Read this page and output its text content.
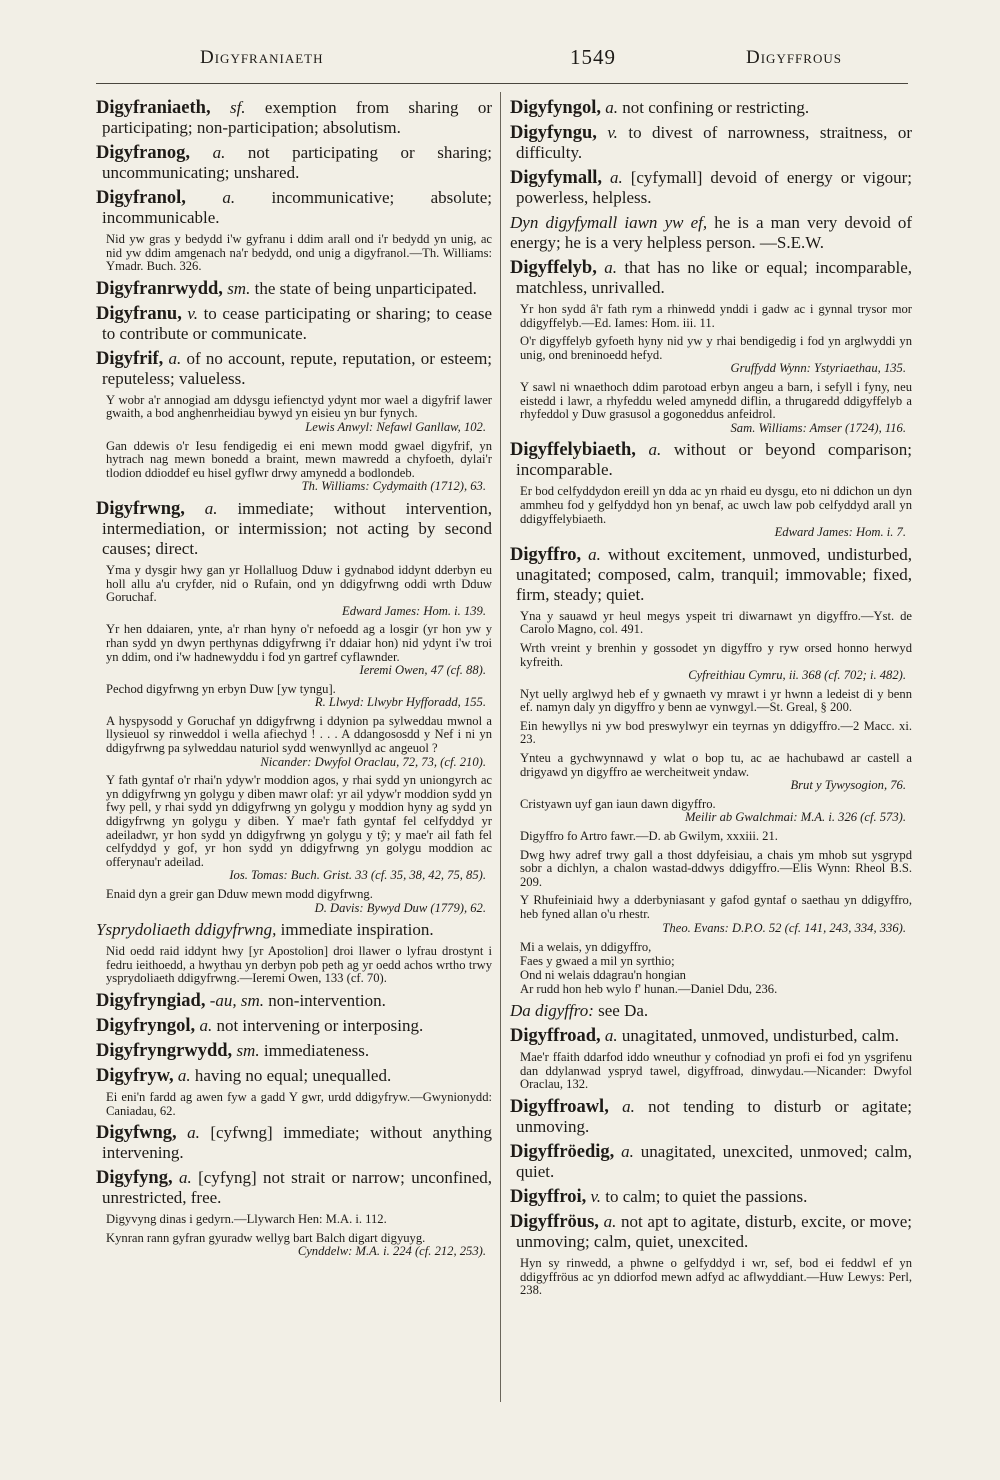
Digyfraniaeth	1549	Digyffrous
Digyfraniaeth, sf. exemption from sharing or participating; non-participation; absolutism.
Digyfranog, a. not participating or sharing; uncommunicating; unshared.
Digyfranol, a. incommunicative; absolute; incommunicable.
Nid yw gras y bedydd i'w gyfranu i ddim arall ond i'r bedydd yn unig, ac nid yw ddim amgenach na'r bedydd, ond unig a digyfranol.—Th. Williams: Ymadr. Buch. 326.
Digyfranrwydd, sm. the state of being unparticipated.
Digyfranu, v. to cease participating or sharing; to cease to contribute or communicate.
Digyfrif, a. of no account, repute, reputation, or esteem; reputeless; valueless.
Y wobr a'r annogiad am ddysgu iefienctyd ydynt mor wael a digyfrif lawer gwaith, a bod anghenrheidiau bywyd yn eisieu yn bur fynych.
Lewis Anwyl: Nefawl Ganllaw, 102.
Gan ddewis o'r Iesu fendigedig ei eni mewn modd gwael digyfrif, yn hytrach nag mewn bonedd a braint, mewn mawredd a chyfoeth, dylai'r tlodion ddioddef eu hisel gyflwr drwy amynedd a bodlondeb.
Th. Williams: Cydymaith (1712), 63.
Digyfrwng, a. immediate; without intervention, intermediation, or intermission; not acting by second causes; direct.
Yma y dysgir hwy gan yr Hollalluog Dduw i gydnabod iddynt dderbyn eu holl allu a'u cryfder, nid o Rufain, ond yn ddigyfrwng oddi wrth Dduw Goruchaf.
Edward James: Hom. i. 139.
Yr hen ddaiaren, ynte, a'r rhan hyny o'r nefoedd ag a losgir (yr hon yw y rhan sydd yn dwyn perthynas ddigyfrwng i'r ddaiar hon) nid ydynt i'w troi yn ddim, ond i'w hadnewyddu i fod yn gartref cyflawnder.
Ieremi Owen, 47 (cf. 88).
Pechod digyfrwng yn erbyn Duw [yw tyngu].
R. Llwyd: Llwybr Hyfforadd, 155.
A hyspysodd y Goruchaf yn ddigyfrwng i ddynion pa sylweddau mwnol a llysieuol sy rinweddol i wella afiechyd ! . . . A ddangososdd y Nef i ni yn ddigyfrwng pa sylweddau naturiol sydd wenwynllyd ac angeuol ?
Nicander: Dwyfol Oraclau, 72, 73, (cf. 210).
Y fath gyntaf o'r rhai'n ydyw'r moddion agos, y rhai sydd yn uniongyrch ac yn ddigyfrwng yn golygu y diben mawr olaf: yr ail ydyw'r moddion sydd yn fwy pell, y rhai sydd yn ddigyfrwng yn golygu y moddion hyny ag sydd yn ddigyfrwng yn golygu y diben. Y mae'r fath gyntaf fel celfyddyd yr adeiladwr, yr hon sydd yn ddigyfrwng yn golygu y tŷ; y mae'r ail fath fel celfyddyd y gof, yr hon sydd yn ddigyfrwng yn golygu moddion ac offerynau'r adeilad.
Ios. Tomas: Buch. Grist. 33 (cf. 35, 38, 42, 75, 85).
Enaid dyn a greir gan Dduw mewn modd digyfrwng.
D. Davis: Bywyd Duw (1779), 62.
Ysprydoliaeth ddigyfrwng, immediate inspiration.
Nid oedd raid iddynt hwy [yr Apostolion] droi llawer o lyfrau drostynt i fedru ieithoedd, a hwythau yn derbyn pob peth ag yr oedd achos wrtho trwy ysprydoliaeth ddigyfrwng.—Ieremi Owen, 133 (cf. 70).
Digyfryngiad, -au, sm. non-intervention.
Digyfryngol, a. not intervening or interposing.
Digyfryngrwydd, sm. immediateness.
Digyfryw, a. having no equal; unequalled.
Ei eni'n fardd ag awen fyw a gadd Y gwr, urdd ddigyfryw.—Gwynionydd: Caniadau, 62.
Digyfwng, a. [cyfwng] immediate; without anything intervening.
Digyfyng, a. [cyfyng] not strait or narrow; unconfined, unrestricted, free.
Digyvyng dinas i gedyrn.—Llywarch Hen: M.A. i. 112.
Kynran rann gyfran gyuradw wellyg bart Balch digart digyuyg.
Cynddelw: M.A. i. 224 (cf. 212, 253).
Digyfyngol, a. not confining or restricting.
Digyfyngu, v. to divest of narrowness, straitness, or difficulty.
Digyfymall, a. [cyfymall] devoid of energy or vigour; powerless, helpless.
Dyn digyfymall iawn yw ef, he is a man very devoid of energy; he is a very helpless person. —S.E.W.
Digyffelyb, a. that has no like or equal; incomparable, matchless, unrivalled.
Yr hon sydd â'r fath rym a rhinwedd ynddi i gadw ac i gynnal trysor mor ddigyffelyb.—Ed. Iames: Hom. iii. 11.
O'r digyffelyb gyfoeth hyny nid yw y rhai bendigedig i fod yn arglwyddi yn unig, ond breninoedd hefyd.
Gruffydd Wynn: Ystyriaethau, 135.
Y sawl ni wnaethoch ddim parotoad erbyn angeu a barn, i sefyll i fyny, neu eistedd i lawr, a rhyfeddu weled amynedd diflin, a thrugaredd ddigyffelyb a rhyfeddol y Duw grasusol a gogoneddus anfeidrol.
Sam. Williams: Amser (1724), 116.
Digyffelybiaeth, a. without or beyond comparison; incomparable.
Er bod celfyddydon ereill yn dda ac yn rhaid eu dysgu, eto ni ddichon un dyn ammheu fod y gelfyddyd hon yn benaf, ac uwch law pob celfyddyd arall yn ddigyffelybiaeth.
Edward James: Hom. i. 7.
Digyffro, a. without excitement, unmoved, undisturbed, unagitated; composed, calm, tranquil; immovable; fixed, firm, steady; quiet.
Yna y sauawd yr heul megys yspeit tri diwarnawt yn digyffro.—Yst. de Carolo Magno, col. 491.
Wrth vreint y brenhin y gossodet yn digyffro y ryw orsed honno herwyd kyfreith.
Cyfreithiau Cymru, ii. 368 (cf. 702; i. 482).
Nyt uelly arglwyd heb ef y gwnaeth vy mrawt i yr hwnn a ledeist di y benn ef. namyn daly yn digyffro y benn ae vynwgyl.—St. Greal, § 200.
Ein hewyllys ni yw bod preswylwyr ein teyrnas yn ddigyffro.—2 Macc. xi. 23.
Ynteu a gychwynnawd y wlat o bop tu, ac ae hachubawd ar castell a drigyawd yn digyffro ae wercheitweit yndaw.
Brut y Tywysogion, 76.
Cristyawn uyf gan iaun dawn digyffro.
Meilir ab Gwalchmai: M.A. i. 326 (cf. 573).
Digyffro fo Artro fawr.—D. ab Gwilym, xxxiii. 21.
Dwg hwy adref trwy gall a thost ddyfeisiau, a chais ym mhob sut ysgrypd sobr a dichlyn, a chalon wastad-ddwys ddigyffro.—Elis Wynn: Rheol B.S. 209.
Y Rhufeiniaid hwy a dderbyniasant y gafod gyntaf o saethau yn ddigyffro, heb fyned allan o'u rhestr.
Theo. Evans: D.P.O. 52 (cf. 141, 243, 334, 336).
Mi a welais, yn ddigyffro,
Faes y gwaed a mil yn syrthio;
Ond ni welais ddagrau'n hongian
Ar rudd hon heb wylo f' hunan.—Daniel Ddu, 236.
Da digyffro: see Da.
Digyffroad, a. unagitated, unmoved, undisturbed, calm.
Mae'r ffaith ddarfod iddo wneuthur y cofnodiad yn profi ei fod yn ysgrifenu dan ddylanwad yspryd tawel, digyffroad, dinwydau.—Nicander: Dwyfol Oraclau, 132.
Digyffroawl, a. not tending to disturb or agitate; unmoving.
Digyffröedig, a. unagitated, unexcited, unmoved; calm, quiet.
Digyffroi, v. to calm; to quiet the passions.
Digyffröus, a. not apt to agitate, disturb, excite, or move; unmoving; calm, quiet, unexcited.
Hyn sy rinwedd, a phwne o gelfyddyd i wr, sef, bod ei feddwl ef yn ddigyffröus ac yn ddiorfod mewn adfyd ac aflwyddiant.—Huw Lewys: Perl, 238.
